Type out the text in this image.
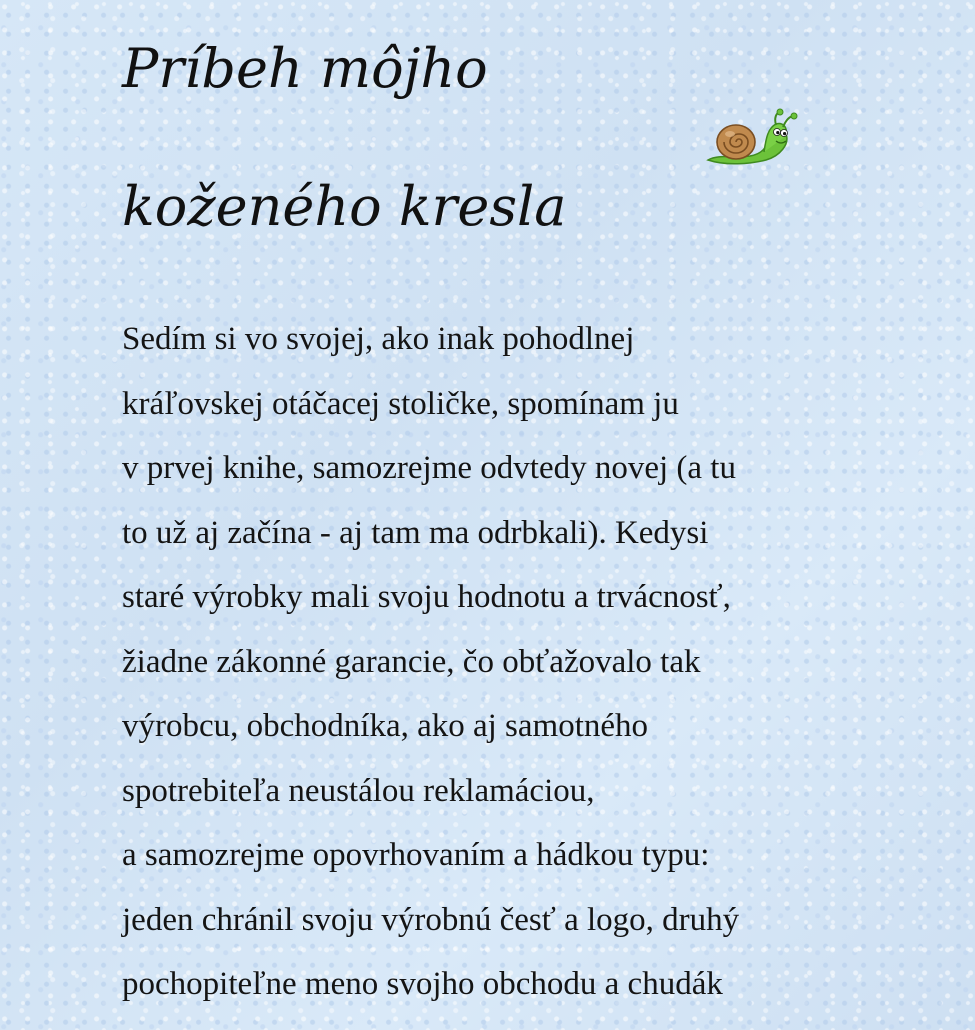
Príbeh môjho
koženého kresla

Sedím si vo svojej, ako inak pohodlnej
kráľovskej otáčacej stoličke, spomínam ju
v prvej knihe, samozrejme odvtedy novej (a tu
to už aj začína - aj tam ma odrbkali). Kedysi
staré výrobky mali svoju hodnotu a trvácnosť,
žiadne zákonné garancie, čo obťažovalo tak
výrobcu, obchodníka, ako aj samotného
spotrebiteľa neustálou reklamáciou,
a samozrejme opovrhovaním a hádkou typu:
jeden chránil svoju výrobnú česť a logo, druhý
pochopiteľne meno svojho obchodu a chudák
